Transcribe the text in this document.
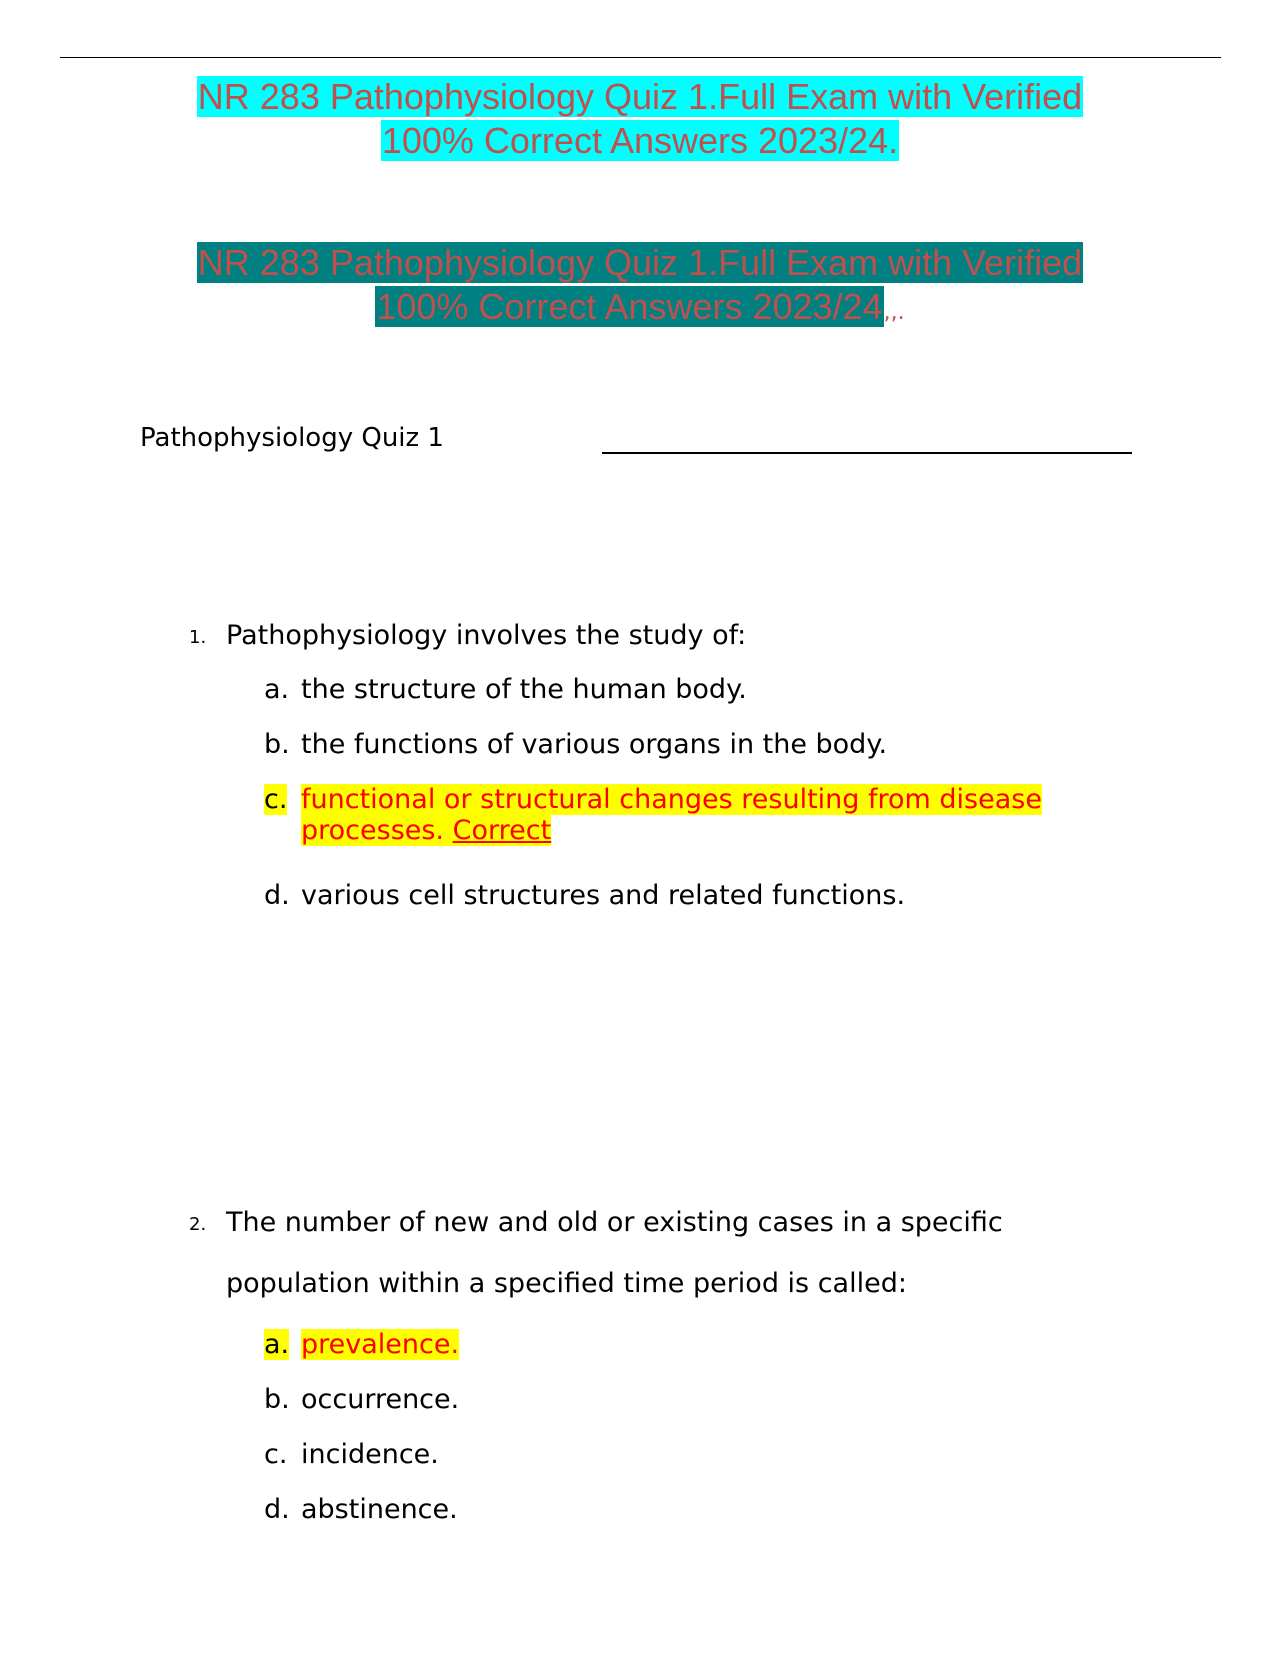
NR 283 Pathophysiology Quiz 1.Full Exam with Verified
100% Correct Answers 2023/24.
NR 283 Pathophysiology Quiz 1.Full Exam with Verified
100% Correct Answers 2023/24,,.
Pathophysiology Quiz 1
1. Pathophysiology involves the study of:
a. the structure of the human body.
b. the functions of various organs in the body.
c. functional or structural changes resulting from disease
processes. Correct
d. various cell structures and related functions.
2. The number of new and old or existing cases in a specific
population within a specified time period is called:
a. prevalence.
b. occurrence.
c. incidence.
d. abstinence.
